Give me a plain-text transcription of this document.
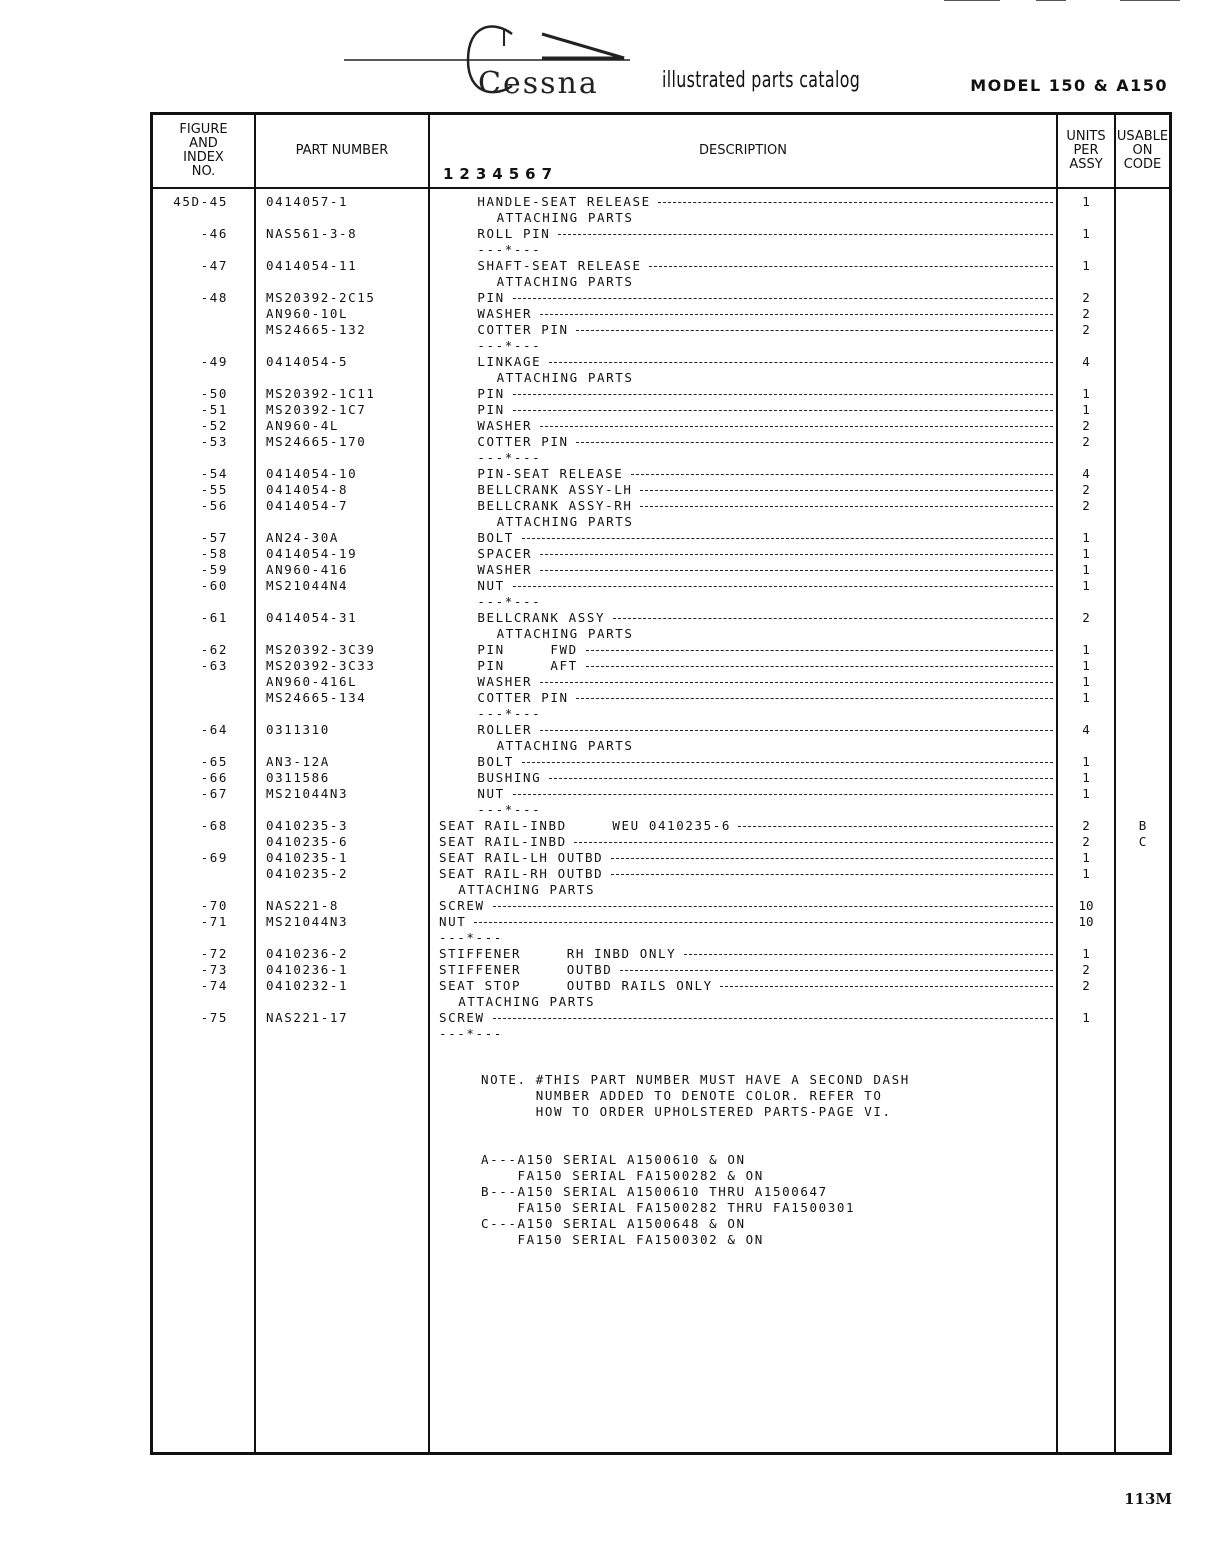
Cessna	illustrated parts catalog	MODEL 150 & A150
FIGURE
AND
INDEX
NO.
PART NUMBER	DESCRIPTION
1234567
UNITS
PER
ASSY
USABLE
ON
CODE
45D-45	0414057-1	HANDLE-SEAT RELEASE	1
ATTACHING PARTS
-46	NAS561-3-8	ROLL PIN	1
---*---
-47	0414054-11	SHAFT-SEAT RELEASE	1
ATTACHING PARTS
-48	MS20392-2C15	PIN	2
AN960-10L	WASHER	2
MS24665-132	COTTER PIN	2
---*---
-49	0414054-5	LINKAGE	4
ATTACHING PARTS
-50	MS20392-1C11	PIN	1
-51	MS20392-1C7	PIN	1
-52	AN960-4L	WASHER	2
-53	MS24665-170	COTTER PIN	2
---*---
-54	0414054-10	PIN-SEAT RELEASE	4
-55	0414054-8	BELLCRANK ASSY-LH	2
-56	0414054-7	BELLCRANK ASSY-RH	2
ATTACHING PARTS
-57	AN24-30A	BOLT	1
-58	0414054-19	SPACER	1
-59	AN960-416	WASHER	1
-60	MS21044N4	NUT	1
---*---
-61	0414054-31	BELLCRANK ASSY	2
ATTACHING PARTS
-62	MS20392-3C39	PIN     FWD	1
-63	MS20392-3C33	PIN     AFT	1
AN960-416L	WASHER	1
MS24665-134	COTTER PIN	1
---*---
-64	0311310	ROLLER	4
ATTACHING PARTS
-65	AN3-12A	BOLT	1
-66	0311586	BUSHING	1
-67	MS21044N3	NUT	1
---*---
-68	0410235-3	SEAT RAIL-INBD     WEU 0410235-6	2	B
0410235-6	SEAT RAIL-INBD	2	C
-69	0410235-1	SEAT RAIL-LH OUTBD	1
0410235-2	SEAT RAIL-RH OUTBD	1
ATTACHING PARTS
-70	NAS221-8	SCREW	10
-71	MS21044N3	NUT	10
---*---
-72	0410236-2	STIFFENER     RH INBD ONLY	1
-73	0410236-1	STIFFENER     OUTBD	2
-74	0410232-1	SEAT STOP     OUTBD RAILS ONLY	2
ATTACHING PARTS
-75	NAS221-17	SCREW	1
---*---
NOTE. #THIS PART NUMBER MUST HAVE A SECOND DASH
NUMBER ADDED TO DENOTE COLOR. REFER TO
HOW TO ORDER UPHOLSTERED PARTS-PAGE VI.
A---A150 SERIAL A1500610 & ON
FA150 SERIAL FA1500282 & ON
B---A150 SERIAL A1500610 THRU A1500647
FA150 SERIAL FA1500282 THRU FA1500301
C---A150 SERIAL A1500648 & ON
FA150 SERIAL FA1500302 & ON
113M
